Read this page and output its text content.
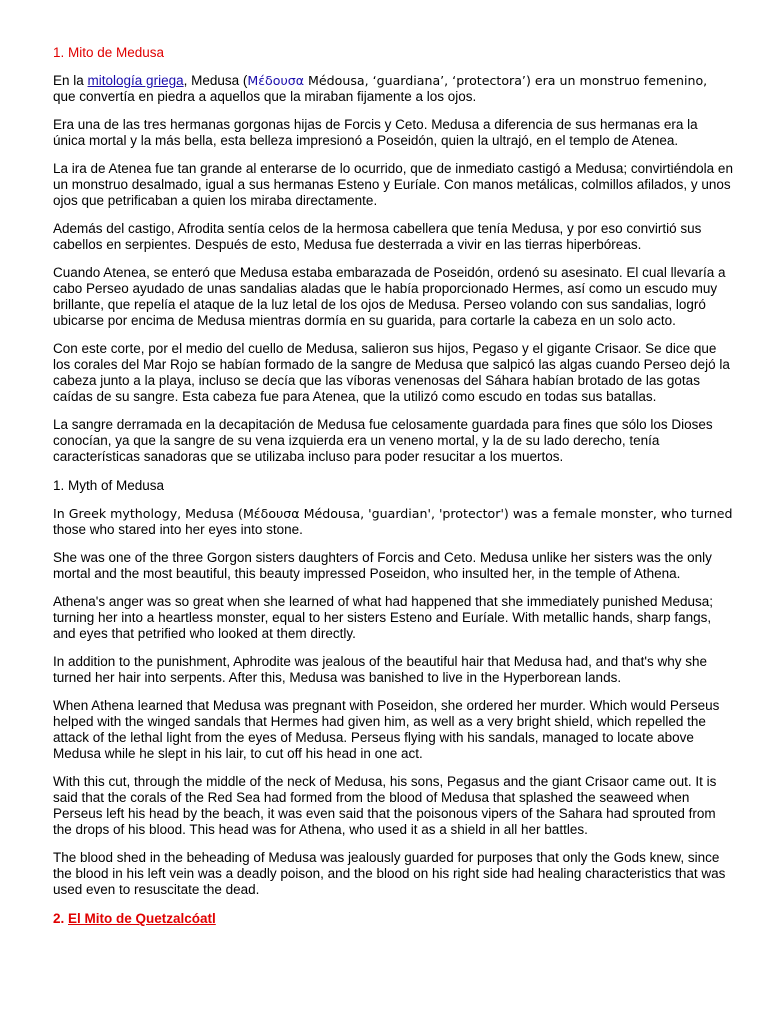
1. Mito de Medusa

En la mitología griega, Medusa (Μέδουσα Médousa, ‘guardiana’, ‘protectora’) era un monstruo femenino,
que convertía en piedra a aquellos que la miraban fijamente a los ojos.

Era una de las tres hermanas gorgonas hijas de Forcis y Ceto. Medusa a diferencia de sus hermanas era la única mortal y la más bella, esta belleza impresionó a Poseidón, quien la ultrajó, en el templo de Atenea.

La ira de Atenea fue tan grande al enterarse de lo ocurrido, que de inmediato castigó a Medusa; convirtiéndola en un monstruo desalmado, igual a sus hermanas Esteno y Euríale. Con manos metálicas, colmillos afilados, y unos ojos que petrificaban a quien los miraba directamente.

Además del castigo, Afrodita sentía celos de la hermosa cabellera que tenía Medusa, y por eso convirtió sus cabellos en serpientes. Después de esto, Medusa fue desterrada a vivir en las tierras hiperbóreas.

Cuando Atenea, se enteró que Medusa estaba embarazada de Poseidón, ordenó su asesinato. El cual llevaría a cabo Perseo ayudado de unas sandalias aladas que le había proporcionado Hermes, así como un escudo muy brillante, que repelía el ataque de la luz letal de los ojos de Medusa. Perseo volando con sus sandalias, logró ubicarse por encima de Medusa mientras dormía en su guarida, para cortarle la cabeza en un solo acto.

Con este corte, por el medio del cuello de Medusa, salieron sus hijos, Pegaso y el gigante Crisaor. Se dice que los corales del Mar Rojo se habían formado de la sangre de Medusa que salpicó las algas cuando Perseo dejó la cabeza junto a la playa, incluso se decía que las víboras venenosas del Sáhara habían brotado de las gotas caídas de su sangre. Esta cabeza fue para Atenea, que la utilizó como escudo en todas sus batallas.

La sangre derramada en la decapitación de Medusa fue celosamente guardada para fines que sólo los Dioses conocían, ya que la sangre de su vena izquierda era un veneno mortal, y la de su lado derecho, tenía características sanadoras que se utilizaba incluso para poder resucitar a los muertos.

1. Myth of Medusa

In Greek mythology, Medusa (Μέδουσα Médousa, 'guardian', 'protector') was a female monster, who turned
those who stared into her eyes into stone.

She was one of the three Gorgon sisters daughters of Forcis and Ceto. Medusa unlike her sisters was the only mortal and the most beautiful, this beauty impressed Poseidon, who insulted her, in the temple of Athena.

Athena's anger was so great when she learned of what had happened that she immediately punished Medusa; turning her into a heartless monster, equal to her sisters Esteno and Euríale. With metallic hands, sharp fangs, and eyes that petrified who looked at them directly.

In addition to the punishment, Aphrodite was jealous of the beautiful hair that Medusa had, and that's why she turned her hair into serpents. After this, Medusa was banished to live in the Hyperborean lands.

When Athena learned that Medusa was pregnant with Poseidon, she ordered her murder. Which would Perseus helped with the winged sandals that Hermes had given him, as well as a very bright shield, which repelled the attack of the lethal light from the eyes of Medusa. Perseus flying with his sandals, managed to locate above Medusa while he slept in his lair, to cut off his head in one act.

With this cut, through the middle of the neck of Medusa, his sons, Pegasus and the giant Crisaor came out. It is said that the corals of the Red Sea had formed from the blood of Medusa that splashed the seaweed when Perseus left his head by the beach, it was even said that the poisonous vipers of the Sahara had sprouted from the drops of his blood. This head was for Athena, who used it as a shield in all her battles.

The blood shed in the beheading of Medusa was jealously guarded for purposes that only the Gods knew, since the blood in his left vein was a deadly poison, and the blood on his right side had healing characteristics that was used even to resuscitate the dead.

2. El Mito de Quetzalcóatl
